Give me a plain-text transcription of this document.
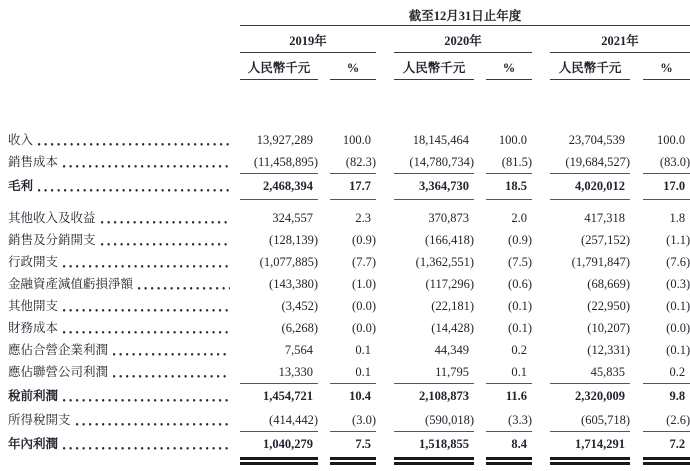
	截至12月31日止年度										
	2019年				2020年				2021年		
	人民幣千元		%		人民幣千元		%		人民幣千元		%

收入	13,927,289		100.0		18,145,464		100.0		23,704,539		100.0

銷售成本	(11,458,895)		(82.3)		(14,780,734)		(81.5)		(19,684,527)		(83.0)

毛利	2,468,394		17.7		3,364,730		18.5		4,020,012		17.0

其他收入及收益	324,557		2.3		370,873		2.0		417,318		1.8

銷售及分銷開支	(128,139)		(0.9)		(166,418)		(0.9)		(257,152)		(1.1)

行政開支	(1,077,885)		(7.7)		(1,362,551)		(7.5)		(1,791,847)		(7.6)

金融資產減值虧損淨額	(143,380)		(1.0)		(117,296)		(0.6)		(68,669)		(0.3)

其他開支	(3,452)		(0.0)		(22,181)		(0.1)		(22,950)		(0.1)

財務成本	(6,268)		(0.0)		(14,428)		(0.1)		(10,207)		(0.0)

應佔合營企業利潤	7,564		0.1		44,349		0.2		(12,331)		(0.1)

應佔聯營公司利潤	13,330		0.1		11,795		0.1		45,835		0.2

稅前利潤	1,454,721		10.4		2,108,873		11.6		2,320,009		9.8

所得稅開支	(414,442)		(3.0)		(590,018)		(3.3)		(605,718)		(2.6)

年內利潤	1,040,279		7.5		1,518,855		8.4		1,714,291		7.2
